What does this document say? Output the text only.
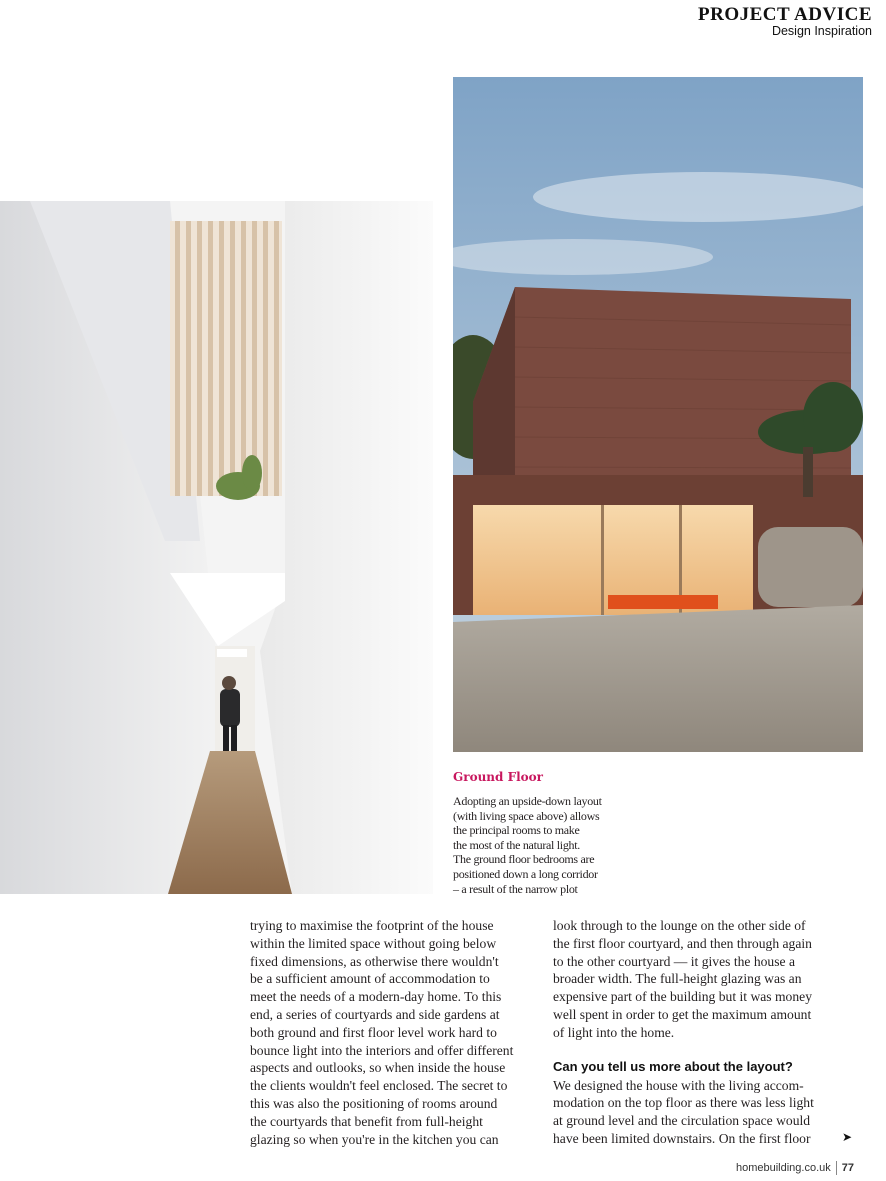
PROJECT ADVICE
Design Inspiration
Ground Floor
Adopting an upside-down layout
(with living space above) allows
the principal rooms to make
the most of the natural light.
The ground floor bedrooms are
positioned down a long corridor
– a result of the narrow plot
trying to maximise the footprint of the house
within the limited space without going below
fixed dimensions, as otherwise there wouldn't
be a sufficient amount of accommodation to
meet the needs of a modern-day home. To this
end, a series of courtyards and side gardens at
both ground and first floor level work hard to
bounce light into the interiors and offer different
aspects and outlooks, so when inside the house
the clients wouldn't feel enclosed. The secret to
this was also the positioning of rooms around
the courtyards that benefit from full-height
glazing so when you're in the kitchen you can
look through to the lounge on the other side of
the first floor courtyard, and then through again
to the other courtyard — it gives the house a
broader width. The full-height glazing was an
expensive part of the building but it was money
well spent in order to get the maximum amount
of light into the home.
Can you tell us more about the layout?
We designed the house with the living accom-
modation on the top floor as there was less light
at ground level and the circulation space would
have been limited downstairs. On the first floor	➤
homebuilding.co.uk 77
